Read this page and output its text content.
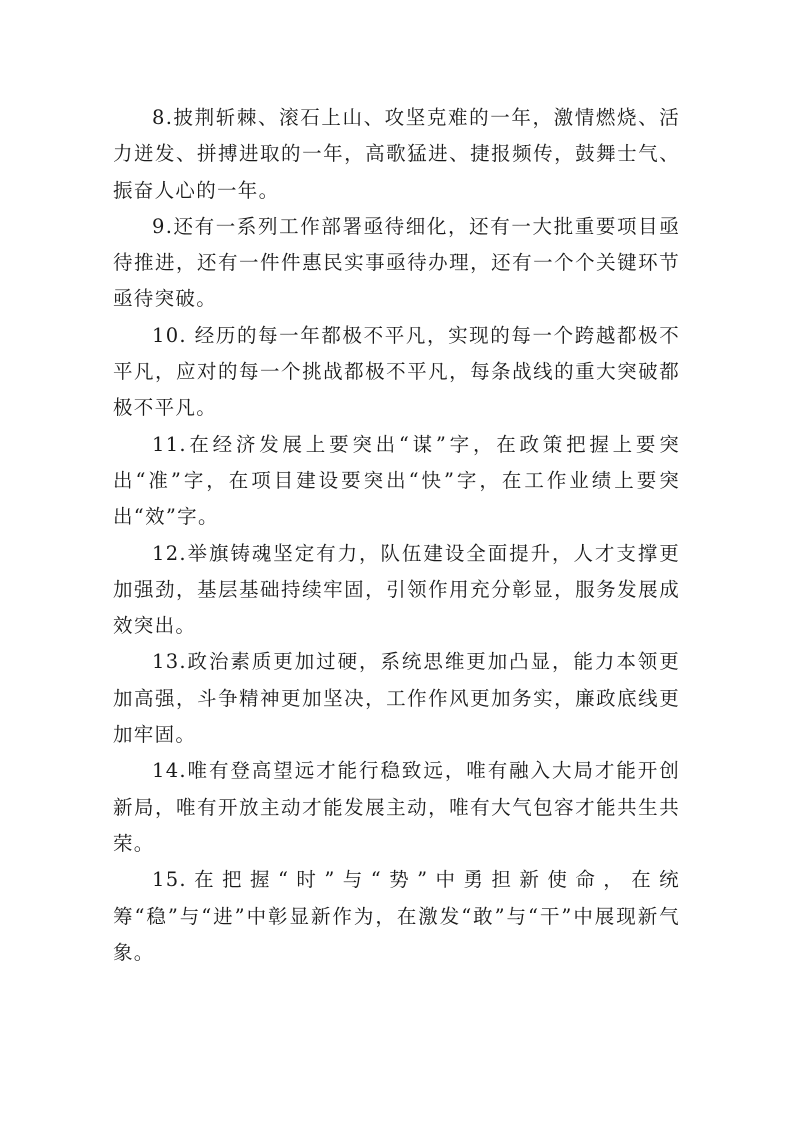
8.披荆斩棘、滚石上山、攻坚克难的一年，激情燃烧、活力迸发、拼搏进取的一年，高歌猛进、捷报频传，鼓舞士气、振奋人心的一年。

9.还有一系列工作部署亟待细化，还有一大批重要项目亟待推进，还有一件件惠民实事亟待办理，还有一个个关键环节亟待突破。

10. 经历的每一年都极不平凡，实现的每一个跨越都极不平凡，应对的每一个挑战都极不平凡，每条战线的重大突破都极不平凡。

11.在经济发展上要突出“谋”字，在政策把握上要突出“准”字，在项目建设要突出“快”字，在工作业绩上要突出“效”字。

12.举旗铸魂坚定有力，队伍建设全面提升，人才支撑更加强劲，基层基础持续牢固，引领作用充分彰显，服务发展成效突出。

13.政治素质更加过硬，系统思维更加凸显，能力本领更加高强，斗争精神更加坚决，工作作风更加务实，廉政底线更加牢固。

14.唯有登高望远才能行稳致远，唯有融入大局才能开创新局，唯有开放主动才能发展主动，唯有大气包容才能共生共荣。

15.在把握“时”与“势”中勇担新使命，在统筹“稳”与“进”中彰显新作为，在激发“敢”与“干”中展现新气象。
